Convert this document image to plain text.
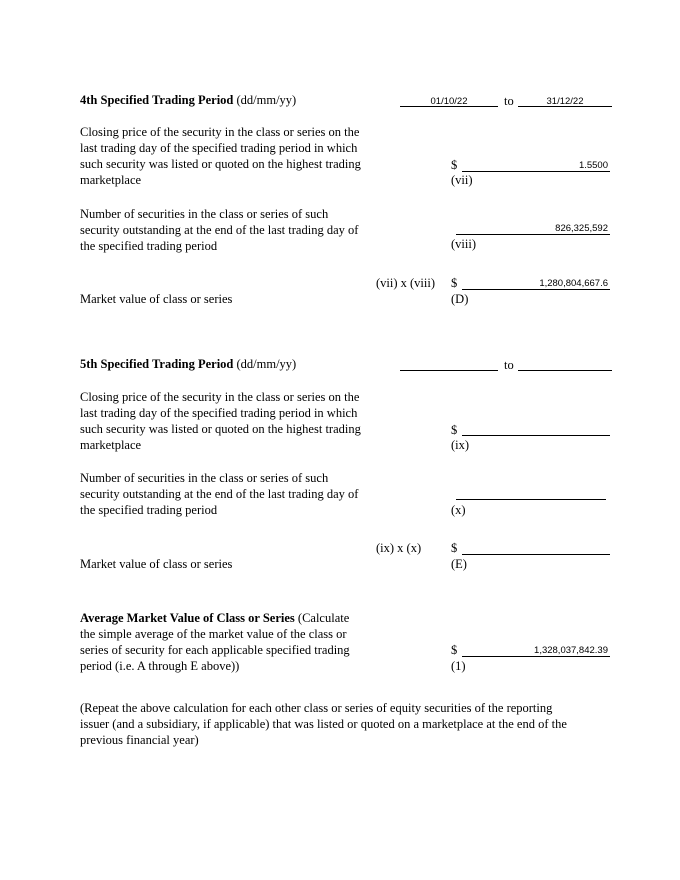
4th Specified Trading Period (dd/mm/yy)	01/10/22	to	31/12/22
Closing price of the security in the class or series on the
last trading day of the specified trading period in which
such security was listed or quoted on the highest trading
marketplace
$	1.5500
(vii)
Number of securities in the class or series of such
security outstanding at the end of the last trading day of
the specified trading period
826,325,592
(viii)
(vii) x (viii) $	1,280,804,667.6
(D)
Market value of class or series
5th Specified Trading Period (dd/mm/yy)	to
Closing price of the security in the class or series on the
last trading day of the specified trading period in which
such security was listed or quoted on the highest trading
marketplace
$
(ix)
Number of securities in the class or series of such
security outstanding at the end of the last trading day of
the specified trading period	(x)
(ix) x (x) $
(E)
Market value of class or series
Average Market Value of Class or Series (Calculate
the simple average of the market value of the class or
series of security for each applicable specified trading
period (i.e. A through E above))
$	1,328,037,842.39
(1)
(Repeat the above calculation for each other class or series of equity securities of the reporting
issuer (and a subsidiary, if applicable) that was listed or quoted on a marketplace at the end of the
previous financial year)
